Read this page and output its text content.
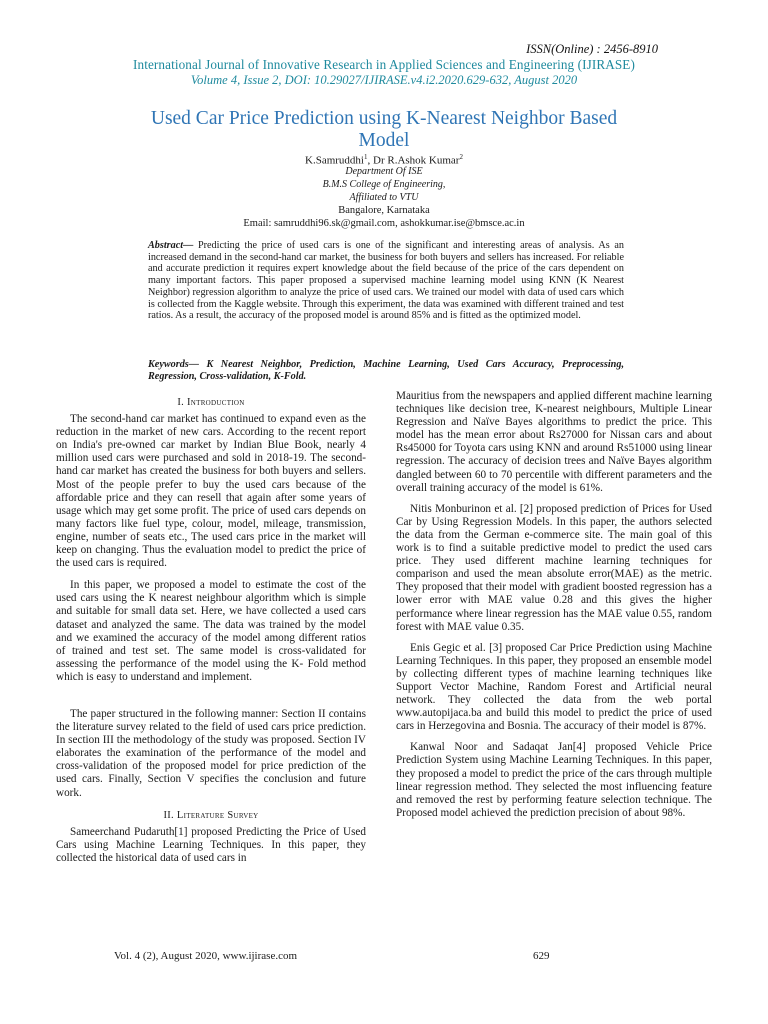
ISSN(Online) : 2456-8910
International Journal of Innovative Research in Applied Sciences and Engineering (IJIRASE)
Volume 4, Issue 2, DOI: 10.29027/IJIRASE.v4.i2.2020.629-632, August 2020
Used Car Price Prediction using K-Nearest Neighbor Based
Model
K.Samruddhi$^1$, Dr R.Ashok Kumar$^2$
Department Of ISE
B.M.S College of Engineering,
Affiliated to VTU
Bangalore, Karnataka
Email: samruddhi96.sk@gmail.com, ashokkumar.ise@bmsce.ac.in
Abstract— Predicting the price of used cars is one of the significant and interesting areas of analysis. As an increased demand in the second-hand car market, the business for both buyers and sellers has increased. For reliable and accurate prediction it requires expert knowledge about the field because of the price of the cars dependent on many important factors. This paper proposed a supervised machine learning model using KNN (K Nearest Neighbor) regression algorithm to analyze the price of used cars. We trained our model with data of used cars which is collected from the Kaggle website. Through this experiment, the data was examined with different trained and test ratios. As a result, the accuracy of the proposed model is around 85% and is fitted as the optimized model.
Keywords— K Nearest Neighbor, Prediction, Machine Learning, Used Cars Accuracy, Preprocessing, Regression, Cross-validation, K-Fold.
I. Introduction

The second-hand car market has continued to expand even as the reduction in the market of new cars. According to the recent report on India's pre-owned car market by Indian Blue Book, nearly 4 million used cars were purchased and sold in 2018-19. The second-hand car market has created the business for both buyers and sellers. Most of the people prefer to buy the used cars because of the affordable price and they can resell that again after some years of usage which may get some profit. The price of used cars depends on many factors like fuel type, colour, model, mileage, transmission, engine, number of seats etc., The used cars price in the market will keep on changing. Thus the evaluation model to predict the price of the used cars is required.

In this paper, we proposed a model to estimate the cost of the used cars using the K nearest neighbour algorithm which is simple and suitable for small data set. Here, we have collected a used cars dataset and analyzed the same. The data was trained by the model and we examined the accuracy of the model among different ratios of trained and test set. The same model is cross-validated for assessing the performance of the model using the K- Fold method which is easy to understand and implement.

The paper structured in the following manner: Section II contains the literature survey related to the field of used cars price prediction. In section III the methodology of the study was proposed. Section IV elaborates the examination of the performance of the model and cross-validation of the proposed model for price prediction of the used cars. Finally, Section V specifies the conclusion and future work.

II. Literature Survey

Sameerchand Pudaruth[1] proposed Predicting the Price of Used Cars using Machine Learning Techniques. In this paper, they collected the historical data of used cars in

Mauritius from the newspapers and applied different machine learning techniques like decision tree, K-nearest neighbours, Multiple Linear Regression and Naïve Bayes algorithms to predict the price. This model has the mean error about Rs27000 for Nissan cars and about Rs45000 for Toyota cars using KNN and around Rs51000 using linear regression. The accuracy of decision trees and Naïve Bayes algorithm dangled between 60 to 70 percentile with different parameters and the overall training accuracy of the model is 61%.

Nitis Monburinon et al. [2] proposed prediction of Prices for Used Car by Using Regression Models. In this paper, the authors selected the data from the German e-commerce site. The main goal of this work is to find a suitable predictive model to predict the used cars price. They used different machine learning techniques for comparison and used the mean absolute error(MAE) as the metric. They proposed that their model with gradient boosted regression has a lower error with MAE value 0.28 and this gives the higher performance where linear regression has the MAE value 0.55, random forest with MAE value 0.35.

Enis Gegic et al. [3] proposed Car Price Prediction using Machine Learning Techniques. In this paper, they proposed an ensemble model by collecting different types of machine learning techniques like Support Vector Machine, Random Forest and Artificial neural network. They collected the data from the web portal www.autopijaca.ba and build this model to predict the price of used cars in Herzegovina and Bosnia. The accuracy of their model is 87%.

Kanwal Noor and Sadaqat Jan[4] proposed Vehicle Price Prediction System using Machine Learning Techniques. In this paper, they proposed a model to predict the price of the cars through multiple linear regression method. They selected the most influencing feature and removed the rest by performing feature selection technique. The Proposed model achieved the prediction precision of about 98%.

Vol. 4 (2), August 2020, www.ijirase.com	629
